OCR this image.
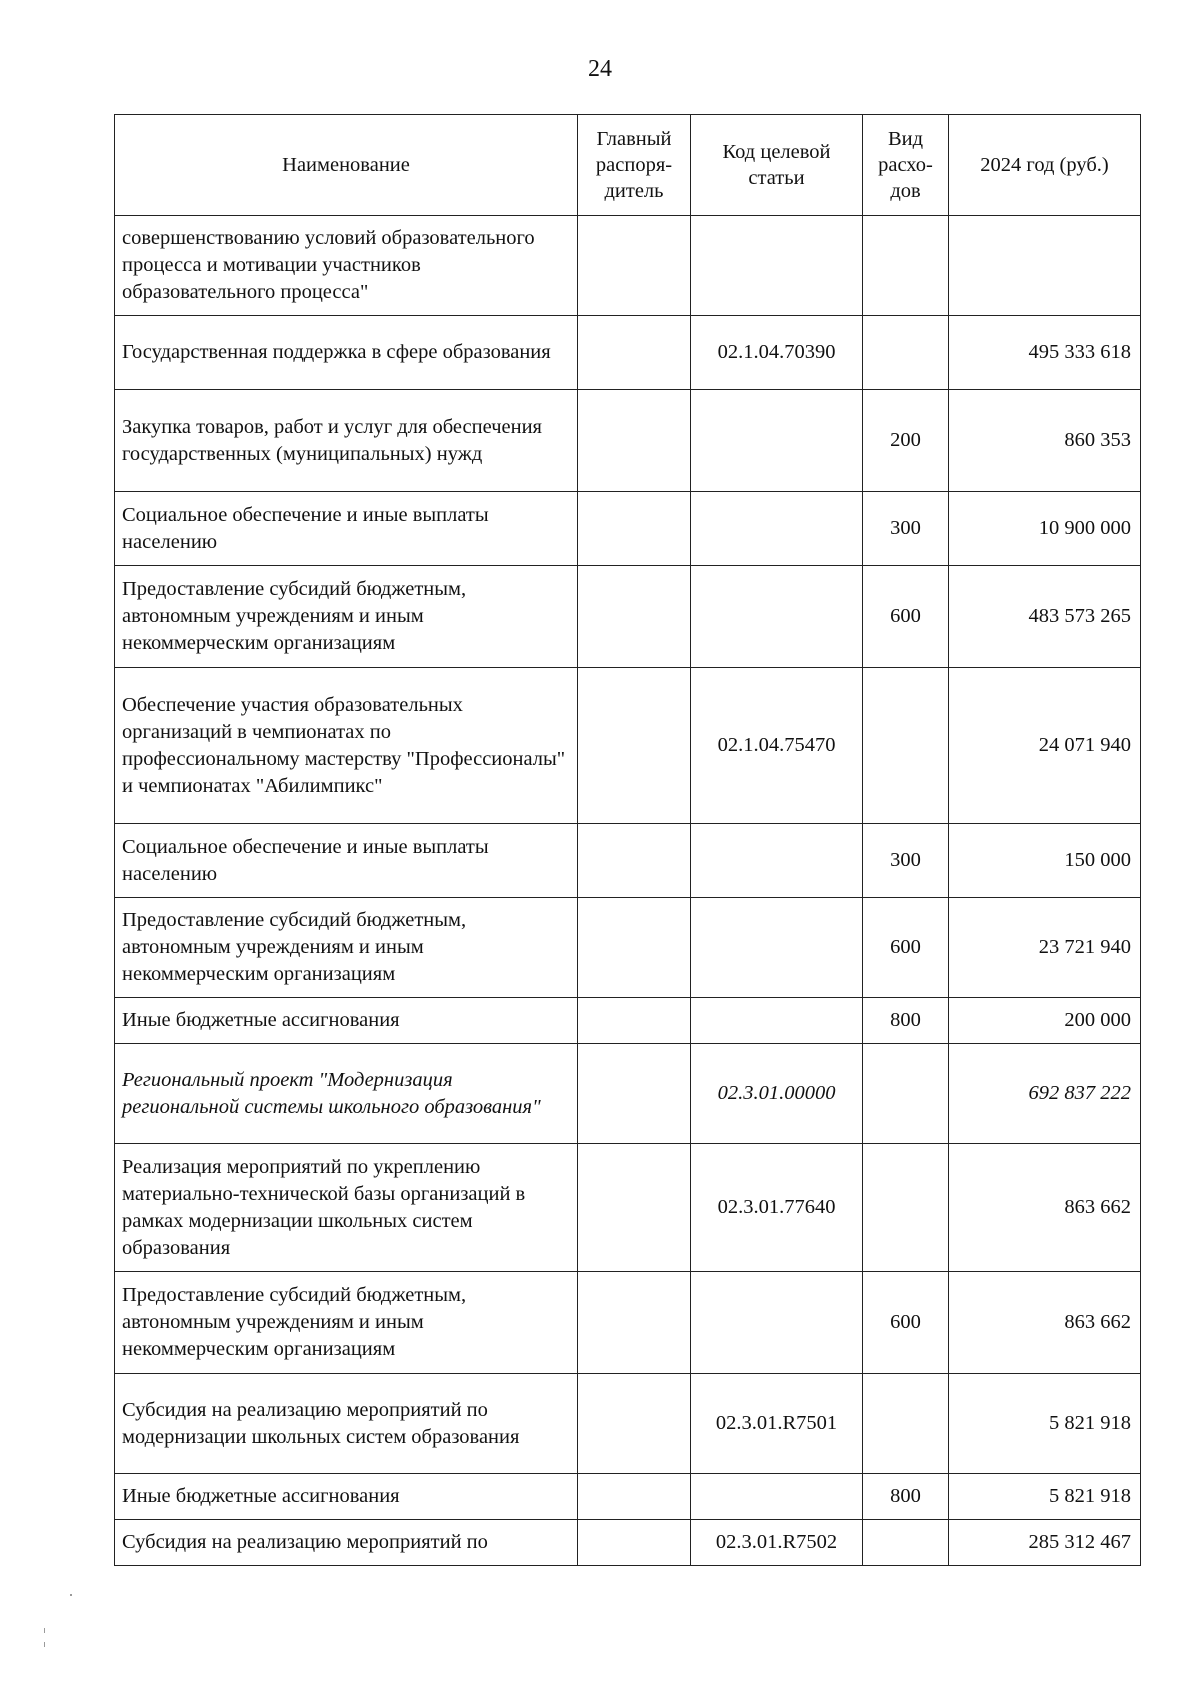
24
Наименование	Главный распоря-дитель	Код целевой статьи	Вид расхо-дов	2024 год (руб.)
совершенствованию условий образовательного процесса и мотивации участников образовательного процесса"				
Государственная поддержка в сфере образования		02.1.04.70390		495 333 618
Закупка товаров, работ и услуг для обеспечения государственных (муниципальных) нужд			200	860 353
Социальное обеспечение и иные выплаты населению			300	10 900 000
Предоставление субсидий бюджетным, автономным учреждениям и иным некоммерческим организациям			600	483 573 265
Обеспечение участия образовательных организаций в чемпионатах по профессиональному мастерству "Профессионалы" и чемпионатах "Абилимпикс"		02.1.04.75470		24 071 940
Социальное обеспечение и иные выплаты населению			300	150 000
Предоставление субсидий бюджетным, автономным учреждениям и иным некоммерческим организациям			600	23 721 940
Иные бюджетные ассигнования			800	200 000
Региональный проект "Модернизация региональной системы школьного образования"		02.3.01.00000		692 837 222
Реализация мероприятий по укреплению материально-технической базы организаций в рамках модернизации школьных систем образования		02.3.01.77640		863 662
Предоставление субсидий бюджетным, автономным учреждениям и иным некоммерческим организациям			600	863 662
Субсидия на реализацию мероприятий по модернизации школьных систем образования		02.3.01.R7501		5 821 918
Иные бюджетные ассигнования			800	5 821 918
Субсидия на реализацию мероприятий по		02.3.01.R7502		285 312 467
